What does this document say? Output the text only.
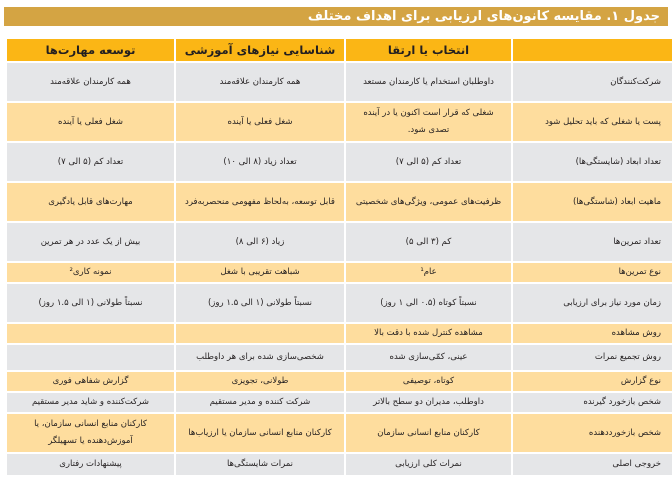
جدول ۱. مقایسه کانون‌های ارزیابی برای اهداف مختلف
	انتخاب یا ارتقا	شناسایی نیازهای آموزشی	توسعه مهارت‌ها
شرکت‌کنندگان	داوطلبان استخدام یا کارمندان مستعد	همه کارمندان علاقه‌مند	همه کارمندان علاقه‌مند
پست یا شغلی که باید تحلیل شود	شغلی که قرار است اکنون یا در آینده تصدی شود.	شغل فعلی یا آینده	شغل فعلی یا آینده
تعداد ابعاد (شایستگی‌ها)	تعداد کم (۵ الی ۷)	تعداد زیاد (۸ الی ۱۰)	تعداد کم (۵ الی ۷)
ماهیت ابعاد (شاستگی‌ها)	ظرفیت‌های عمومی، ویژگی‌های شخصیتی	قابل توسعه، به‌لحاظ مفهومی منحصربه‌فرد	مهارت‌های قابل یادگیری
تعداد تمرین‌ها	کم (۳ الی ۵)	زیاد (۶ الی ۸)	بیش از یک عدد در هر تمرین
نوع تمرین‌ها	عام¹	شباهت تقریبی با شغل	نمونه کاری²
زمان مورد نیاز برای ارزیابی	نسبتاً کوتاه (۰.۵ الی ۱ روز)	نسبتاً طولانی (۱ الی ۱.۵ روز)	نسبتاً طولانی (۱ الی ۱.۵ روز)
روش مشاهده	مشاهده کنترل شده با دقت بالا		
روش تجمیع نمرات	عینی، کمّی‌سازی شده	شخصی‌سازی شده برای هر داوطلب	
نوع گزارش	کوتاه، توصیفی	طولانی، تجویزی	گزارش شفاهی فوری
شخص بازخورد گیرنده	داوطلب، مدیران دو سطح بالاتر	شرکت کننده و مدیر مستقیم	شرکت‌کننده و شاید مدیر مستقیم
شخص بازخورددهنده	کارکنان منابع انسانی سازمان	کارکنان منابع انسانی سازمان یا ارزیاب‌ها	کارکنان منابع انسانی سازمان، یا آموزش‌دهنده یا تسهیلگر
خروجی اصلی	نمرات کلی ارزیابی	نمرات شایستگی‌ها	پیشنهادات رفتاری
